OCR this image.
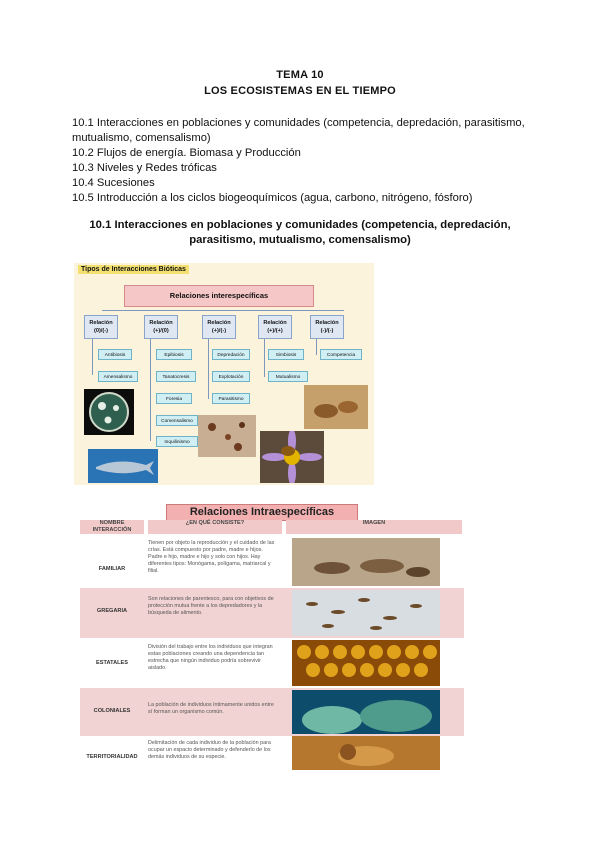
TEMA 10
LOS ECOSISTEMAS EN EL TIEMPO
10.1 Interacciones en poblaciones y comunidades (competencia, depredación, parasitismo,
mutualismo, comensalismo)
10.2 Flujos de energía. Biomasa y Producción
10.3 Niveles y Redes tróficas
10.4 Sucesiones
10.5 Introducción a los ciclos biogeoquímicos (agua, carbono, nitrógeno, fósforo)
10.1 Interacciones en poblaciones y comunidades (competencia, depredación,
parasitismo, mutualismo, comensalismo)
Tipos de Interacciones Bióticas
Relaciones interespecíficas
Relación
(0)/(-)
Relación
(+)/(0)
Relación
(+)/(-)
Relación
(+)/(+)
Relación
(-)/(-)
Antibiosis
Amensalismo
Epibiosis
Tanatocresis
Foresia
Comensalismo
Inquilinismo
Depredación
Explotación
Parasitismo
Simbiosis
Mutualismo
Competencia
Relaciones Intraespecíficas
NOMBRE INTERACCIÓN
¿EN QUÉ CONSISTE?	IMAGEN
FAMILIAR
Tienen por objeto la reproducción y el cuidado de las crías. Está compuesto por padre, madre e hijos. Padre e hijo, madre e hijo y solo con hijos. Hay diferentes tipos: Monógama, polígama, matriarcal y filial.
GREGARIA
Son relaciones de parentesco, para con objetivos de protección mutua frente a los depredadores y la búsqueda de alimento.
ESTATALES
División del trabajo entre los individuos que integran estas poblaciones creando una dependencia tan estrecha que ningún individuo podría sobrevivir aislado.
COLONIALES
La población de individuos íntimamente unidos entre sí forman un organismo común.
TERRITORIALIDAD
Delimitación de cada individuo de la población para ocupar un espacio determinado y defenderlo de los demás individuos de su especie.
